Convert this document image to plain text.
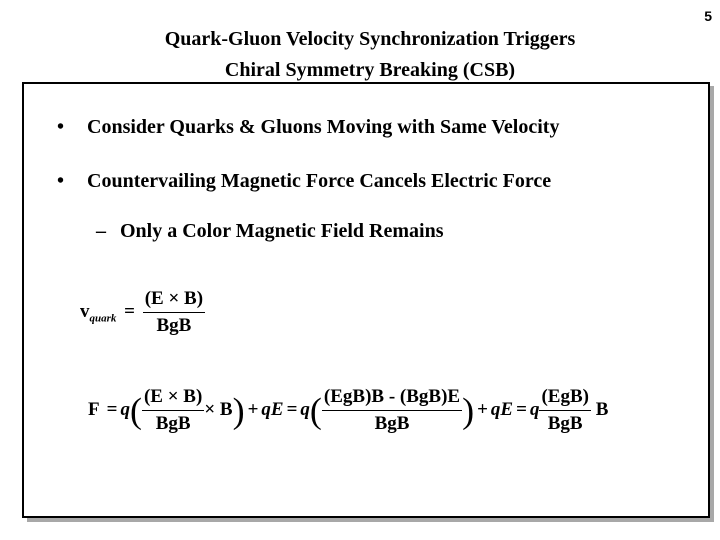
Quark-Gluon Velocity Synchronization Triggers
Chiral Symmetry Breaking (CSB)
5
• Consider Quarks & Gluons Moving with Same Velocity
• Countervailing Magnetic Force Cancels Electric Force
– Only a Color Magnetic Field Remains
$v_{quark} = \frac{(E \times B)}{\text{BgB}}$
$F = q( \frac{(E \times B)}{\text{BgB}} \times B)$ + qE = $q( \frac{\text{(EgB)B - (BgB)E}}{\text{BgB}}$ ) + qE = q $\frac{\text{(EgB)}}{\text{BgB}}$ B
